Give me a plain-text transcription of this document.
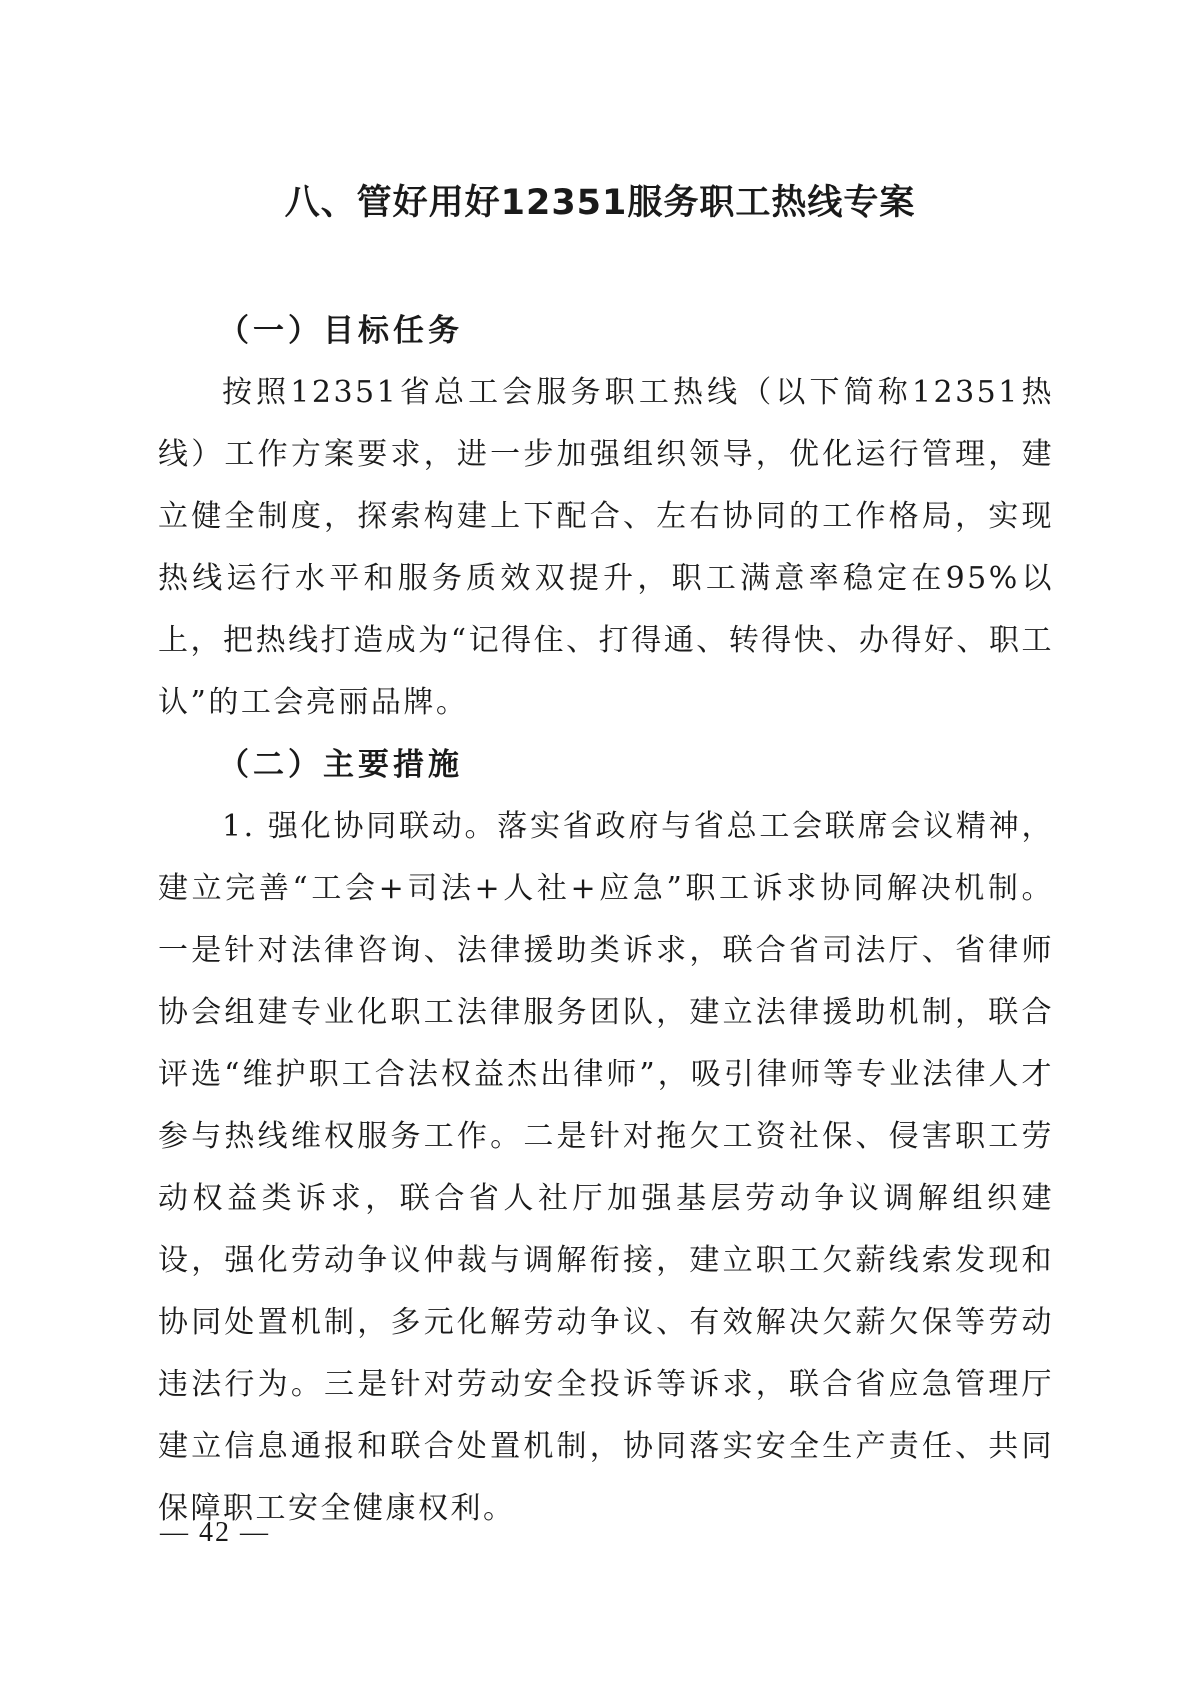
八、管好用好12351服务职工热线专案
（一）目标任务

按照12351省总工会服务职工热线（以下简称12351热线）工作方案要求，进一步加强组织领导，优化运行管理，建立健全制度，探索构建上下配合、左右协同的工作格局，实现热线运行水平和服务质效双提升，职工满意率稳定在95%以上，把热线打造成为“记得住、打得通、转得快、办得好、职工认”的工会亮丽品牌。

（二）主要措施

1. 强化协同联动。落实省政府与省总工会联席会议精神，建立完善“工会+司法+人社+应急”职工诉求协同解决机制。一是针对法律咨询、法律援助类诉求，联合省司法厅、省律师协会组建专业化职工法律服务团队，建立法律援助机制，联合评选“维护职工合法权益杰出律师”，吸引律师等专业法律人才参与热线维权服务工作。二是针对拖欠工资社保、侵害职工劳动权益类诉求，联合省人社厅加强基层劳动争议调解组织建设，强化劳动争议仲裁与调解衔接，建立职工欠薪线索发现和协同处置机制，多元化解劳动争议、有效解决欠薪欠保等劳动违法行为。三是针对劳动安全投诉等诉求，联合省应急管理厅建立信息通报和联合处置机制，协同落实安全生产责任、共同保障职工安全健康权利。

— 42 —
